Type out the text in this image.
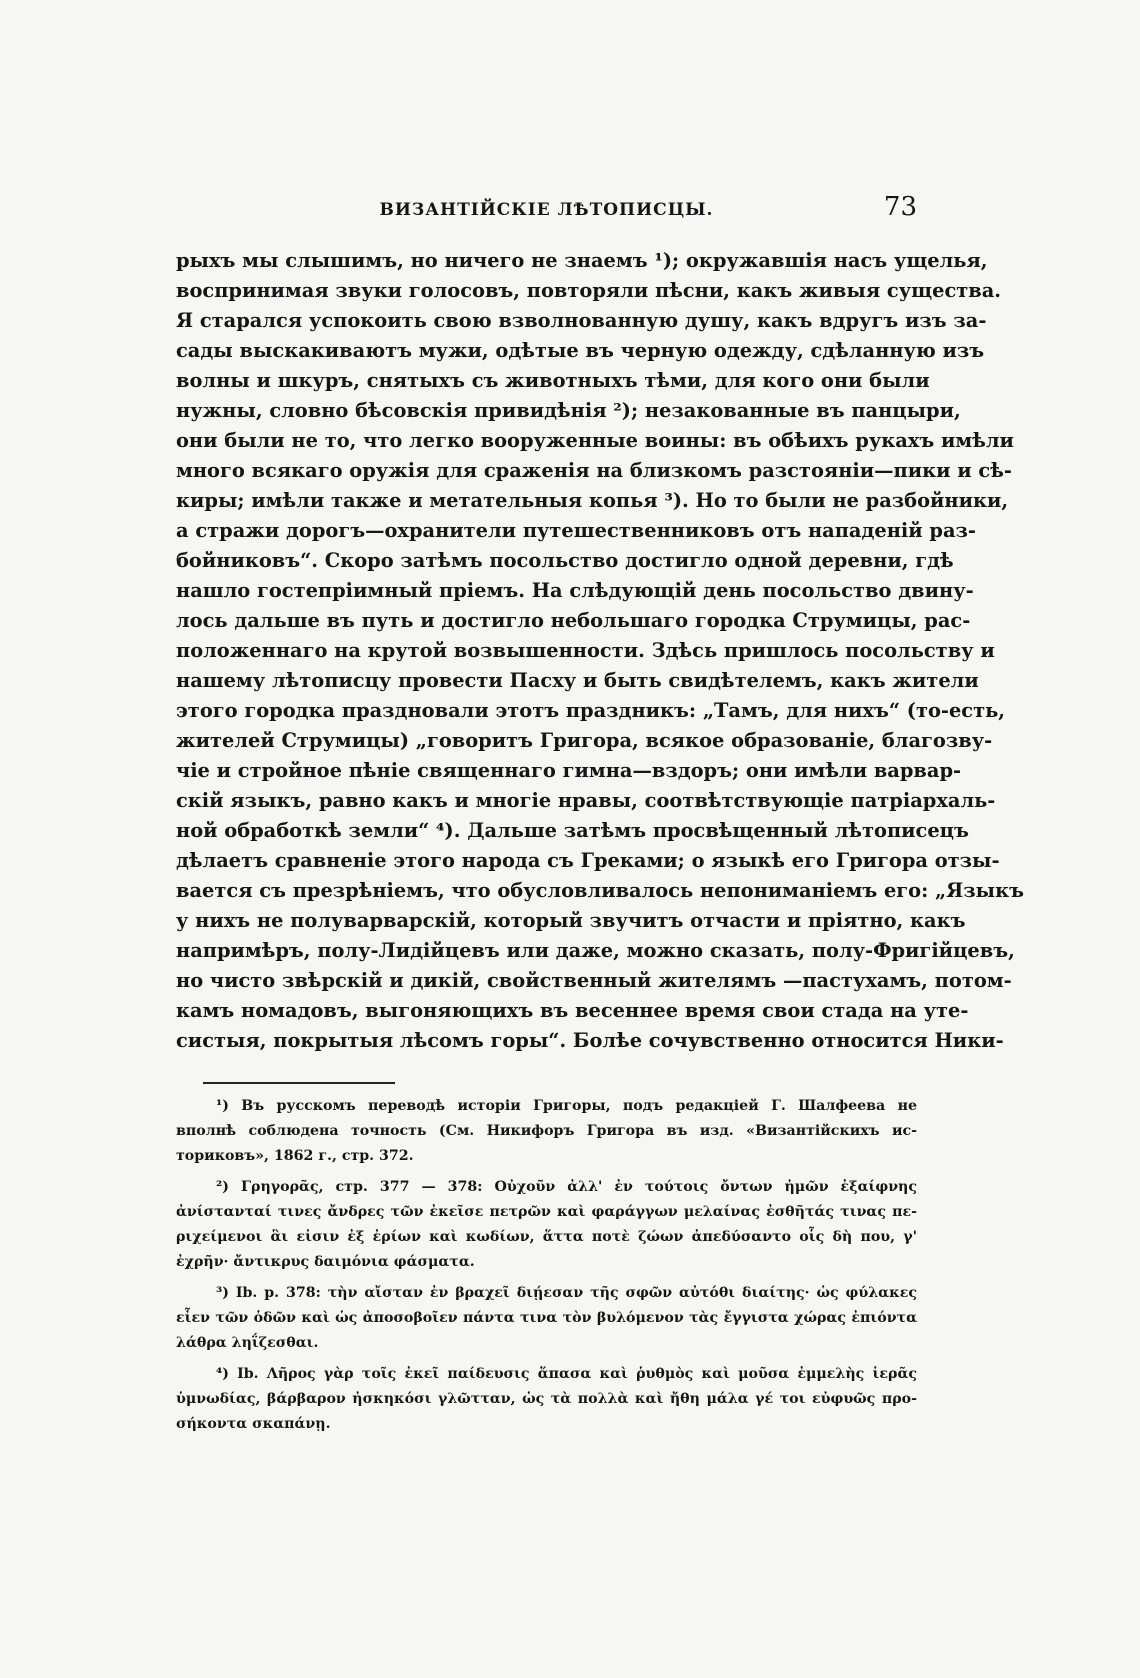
ВИЗАНТІЙСКІЕ ЛѢТОПИСЦЫ.	73
рыхъ мы слышимъ, но ничего не знаемъ ¹); окружавшія насъ ущелья,
воспринимая звуки голосовъ, повторяли пѣсни, какъ живыя существа.
Я старался успокоить свою взволнованную душу, какъ вдругъ изъ за-
сады выскакиваютъ мужи, одѣтые въ черную одежду, сдѣланную изъ
волны и шкуръ, снятыхъ съ животныхъ тѣми, для кого они были
нужны, словно бѣсовскія привидѣнія ²); незакованные въ панцыри,
они были не то, что легко вооруженные воины: въ обѣихъ рукахъ имѣли
много всякаго оружія для сраженія на близкомъ разстояніи—пики и сѣ-
киры; имѣли также и метательныя копья ³). Но то были не разбойники,
а стражи дорогъ—охранители путешественниковъ отъ нападеній раз-
бойниковъ“. Скоро затѣмъ посольство достигло одной деревни, гдѣ
нашло гостепріимный пріемъ. На слѣдующій день посольство двину-
лось дальше въ путь и достигло небольшаго городка Струмицы, рас-
положеннаго на крутой возвышенности. Здѣсь пришлось посольству и
нашему лѣтописцу провести Пасху и быть свидѣтелемъ, какъ жители
этого городка праздновали этотъ праздникъ: „Тамъ, для нихъ“ (то-есть,
жителей Струмицы) „говоритъ Григора, всякое образованіе, благозву-
чіе и стройное пѣніе священнаго гимна—вздоръ; они имѣли варвар-
скій языкъ, равно какъ и многіе нравы, соотвѣтствующіе патріархаль-
ной обработкѣ земли“ ⁴). Дальше затѣмъ просвѣщенный лѣтописецъ
дѣлаетъ сравненіе этого народа съ Греками; о языкѣ его Григора отзы-
вается съ презрѣніемъ, что обусловливалось непониманіемъ его: „Языкъ
у нихъ не полуварварскій, который звучитъ отчасти и пріятно, какъ
напримѣръ, полу-Лидійцевъ или даже, можно сказать, полу-Фригійцевъ,
но чисто звѣрскій и дикій, свойственный жителямъ —пастухамъ, потом-
камъ номадовъ, выгоняющихъ въ весеннее время свои стада на уте-
систыя, покрытыя лѣсомъ горы“. Болѣе сочувственно относится Ники-
¹) Въ русскомъ переводѣ исторіи Григоры, подъ редакціей Г. Шалфеева не
вполнѣ соблюдена точность (См. Никифоръ Григора въ изд. «Византійскихъ ис-
ториковъ», 1862 г., стр. 372.
²) Γρηγορᾶς, стр. 377 — 378: Οὐχοῦν ἀλλ' ἐν τούτοις ὄντων ἡμῶν ἐξαίφνης
ἀνίστανταί τινες ἄνδρες τῶν ἐκεῖσε πετρῶν καὶ φαράγγων μελαίνας ἐσθῆτάς τινας πε-
ριχείμενοι ἃι εἰσιν ἐξ ἐρίων καὶ κωδίων, ἅττα ποτὲ ζώων ἀπεδύσαντο οἷς δὴ που, γ'
ἐχρῆν· ἄντικρυς δαιμόνια φάσματα.
³) Ib. p. 378: τὴν αἴσταν ἐν βραχεῖ διῄεσαν τῆς σφῶν αὐτόθι διαίτης· ὡς φύλακες
εἶεν τῶν ὁδῶν καὶ ὡς ἀποσοβοῖεν πάντα τινα τὸν βυλόμενον τὰς ἔγγιστα χώρας ἐπιόντα
λάθρα ληΐζεσθαι.
⁴) Ib. Λῆρος γὰρ τοῖς ἐκεῖ παίδευσις ἅπασα καὶ ῥυθμὸς καὶ μοῦσα ἐμμελὴς ἱερᾶς
ὑμνωδίας, βάρβαρον ἠσκηκόσι γλῶτταν, ὡς τὰ πολλὰ καὶ ἤθη μάλα γέ τοι εὐφυῶς προ-
σήκοντα σκαπάνῃ.
